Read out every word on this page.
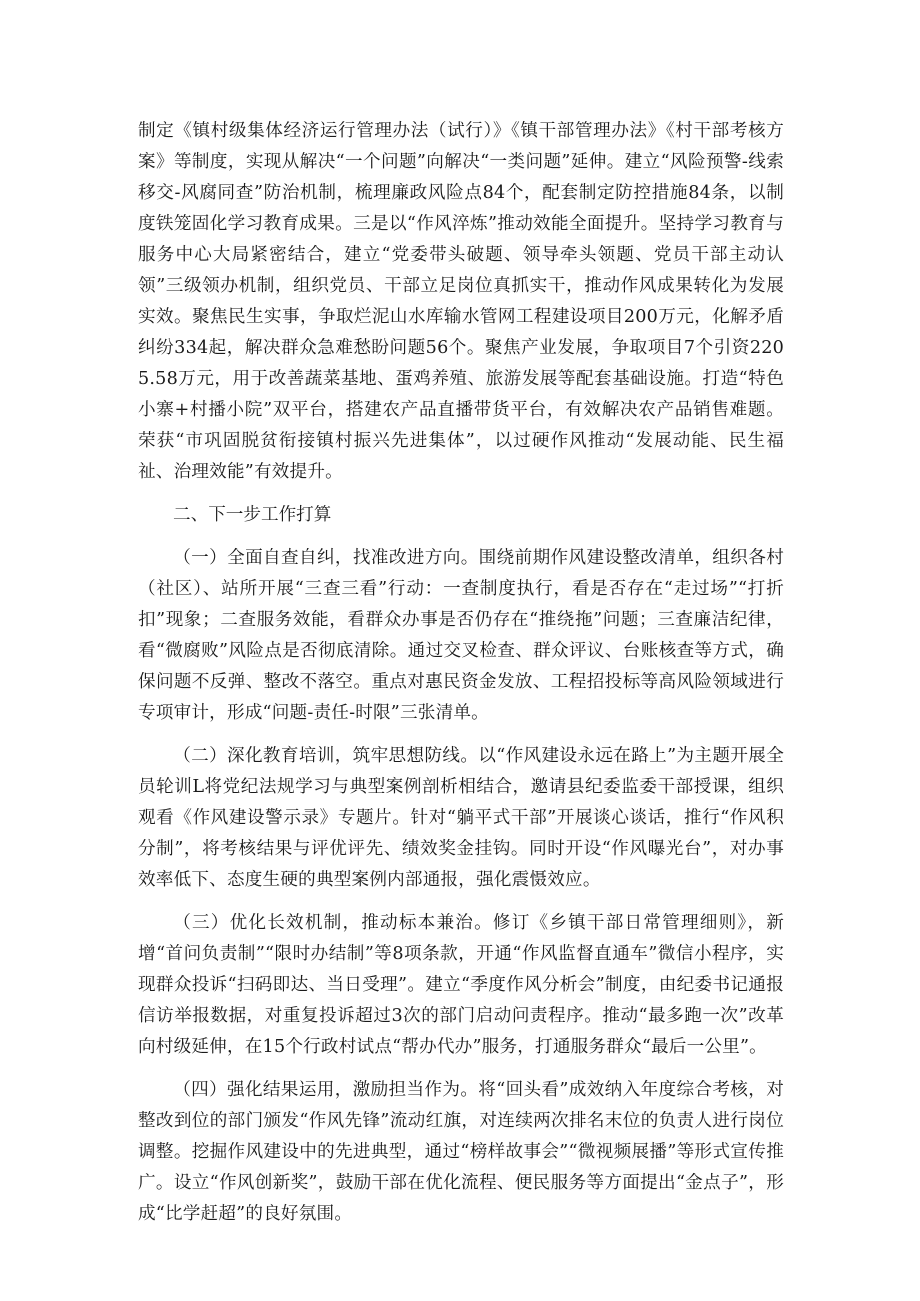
制定《镇村级集体经济运行管理办法（试行）》《镇干部管理办法》《村干部考核方案》等制度，实现从解决“一个问题”向解决“一类问题”延伸。建立“风险预警-线索移交-风腐同查”防治机制，梳理廉政风险点84个，配套制定防控措施84条，以制度铁笼固化学习教育成果。三是以“作风淬炼”推动效能全面提升。坚持学习教育与服务中心大局紧密结合，建立“党委带头破题、领导牵头领题、党员干部主动认领”三级领办机制，组织党员、干部立足岗位真抓实干，推动作风成果转化为发展实效。聚焦民生实事，争取烂泥山水库输水管网工程建设项目200万元，化解矛盾纠纷334起，解决群众急难愁盼问题56个。聚焦产业发展，争取项目7个引资2205.58万元，用于改善蔬菜基地、蛋鸡养殖、旅游发展等配套基础设施。打造“特色小寨+村播小院”双平台，搭建农产品直播带货平台，有效解决农产品销售难题。荣获“市巩固脱贫衔接镇村振兴先进集体”，以过硬作风推动“发展动能、民生福祉、治理效能”有效提升。

二、下一步工作打算

（一）全面自查自纠，找准改进方向。围绕前期作风建设整改清单，组织各村（社区）、站所开展“三查三看”行动：一查制度执行，看是否存在“走过场”“打折扣”现象；二查服务效能，看群众办事是否仍存在“推绕拖”问题；三查廉洁纪律，看“微腐败”风险点是否彻底清除。通过交叉检查、群众评议、台账核查等方式，确保问题不反弹、整改不落空。重点对惠民资金发放、工程招投标等高风险领域进行专项审计，形成“问题-责任-时限”三张清单。

（二）深化教育培训，筑牢思想防线。以“作风建设永远在路上”为主题开展全员轮训L将党纪法规学习与典型案例剖析相结合，邀请县纪委监委干部授课，组织观看《作风建设警示录》专题片。针对“躺平式干部”开展谈心谈话，推行“作风积分制”，将考核结果与评优评先、绩效奖金挂钩。同时开设“作风曝光台”，对办事效率低下、态度生硬的典型案例内部通报，强化震慑效应。

（三）优化长效机制，推动标本兼治。修订《乡镇干部日常管理细则》，新增“首问负责制”“限时办结制”等8项条款，开通“作风监督直通车”微信小程序，实现群众投诉“扫码即达、当日受理”。建立“季度作风分析会”制度，由纪委书记通报信访举报数据，对重复投诉超过3次的部门启动问责程序。推动“最多跑一次”改革向村级延伸，在15个行政村试点“帮办代办”服务，打通服务群众“最后一公里”。

（四）强化结果运用，激励担当作为。将“回头看”成效纳入年度综合考核，对整改到位的部门颁发“作风先锋”流动红旗，对连续两次排名末位的负责人进行岗位调整。挖掘作风建设中的先进典型，通过“榜样故事会”“微视频展播”等形式宣传推广。设立“作风创新奖”，鼓励干部在优化流程、便民服务等方面提出“金点子”，形成“比学赶超”的良好氛围。
